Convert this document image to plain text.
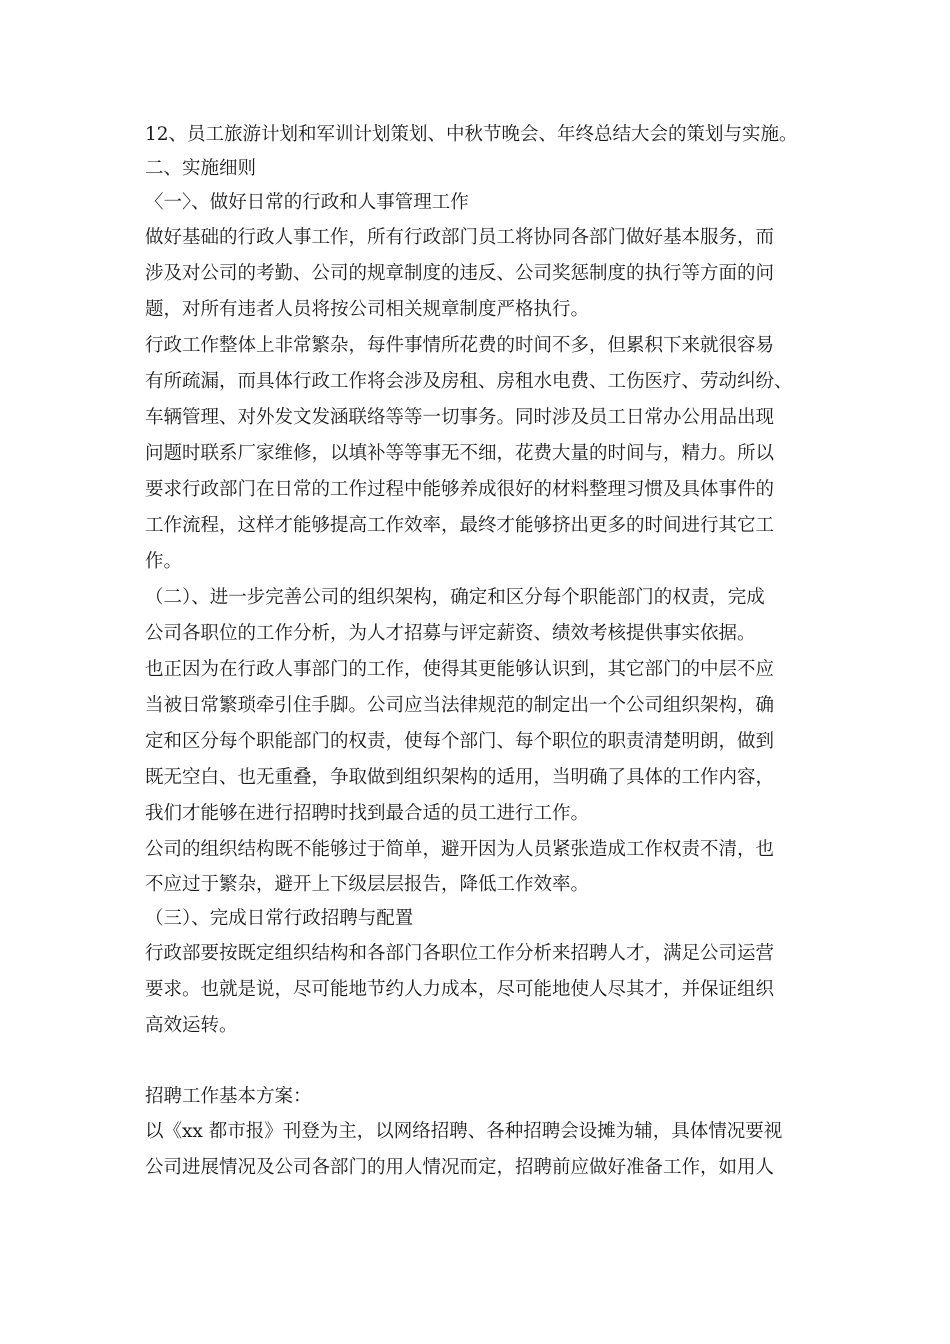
12、员工旅游计划和军训计划策划、中秋节晚会、年终总结大会的策划与实施。
二、实施细则
〈一〉、做好日常的行政和人事管理工作
做好基础的行政人事工作，所有行政部门员工将协同各部门做好基本服务，而
涉及对公司的考勤、公司的规章制度的违反、公司奖惩制度的执行等方面的问
题，对所有违者人员将按公司相关规章制度严格执行。
行政工作整体上非常繁杂，每件事情所花费的时间不多，但累积下来就很容易
有所疏漏，而具体行政工作将会涉及房租、房租水电费、工伤医疗、劳动纠纷、
车辆管理、对外发文发涵联络等等一切事务。同时涉及员工日常办公用品出现
问题时联系厂家维修，以填补等等事无不细，花费大量的时间与，精力。所以
要求行政部门在日常的工作过程中能够养成很好的材料整理习惯及具体事件的
工作流程，这样才能够提高工作效率，最终才能够挤出更多的时间进行其它工
作。
（二）、进一步完善公司的组织架构，确定和区分每个职能部门的权责，完成
公司各职位的工作分析，为人才招募与评定薪资、绩效考核提供事实依据。
也正因为在行政人事部门的工作，使得其更能够认识到，其它部门的中层不应
当被日常繁琐牵引住手脚。公司应当法律规范的制定出一个公司组织架构，确
定和区分每个职能部门的权责，使每个部门、每个职位的职责清楚明朗，做到
既无空白、也无重叠，争取做到组织架构的适用，当明确了具体的工作内容，
我们才能够在进行招聘时找到最合适的员工进行工作。
公司的组织结构既不能够过于简单，避开因为人员紧张造成工作权责不清，也
不应过于繁杂，避开上下级层层报告，降低工作效率。
（三）、完成日常行政招聘与配置
行政部要按既定组织结构和各部门各职位工作分析来招聘人才，满足公司运营
要求。也就是说，尽可能地节约人力成本，尽可能地使人尽其才，并保证组织
高效运转。
招聘工作基本方案：
以《xx 都市报》刊登为主，以网络招聘、各种招聘会设摊为辅，具体情况要视
公司进展情况及公司各部门的用人情况而定，招聘前应做好准备工作，如用人
